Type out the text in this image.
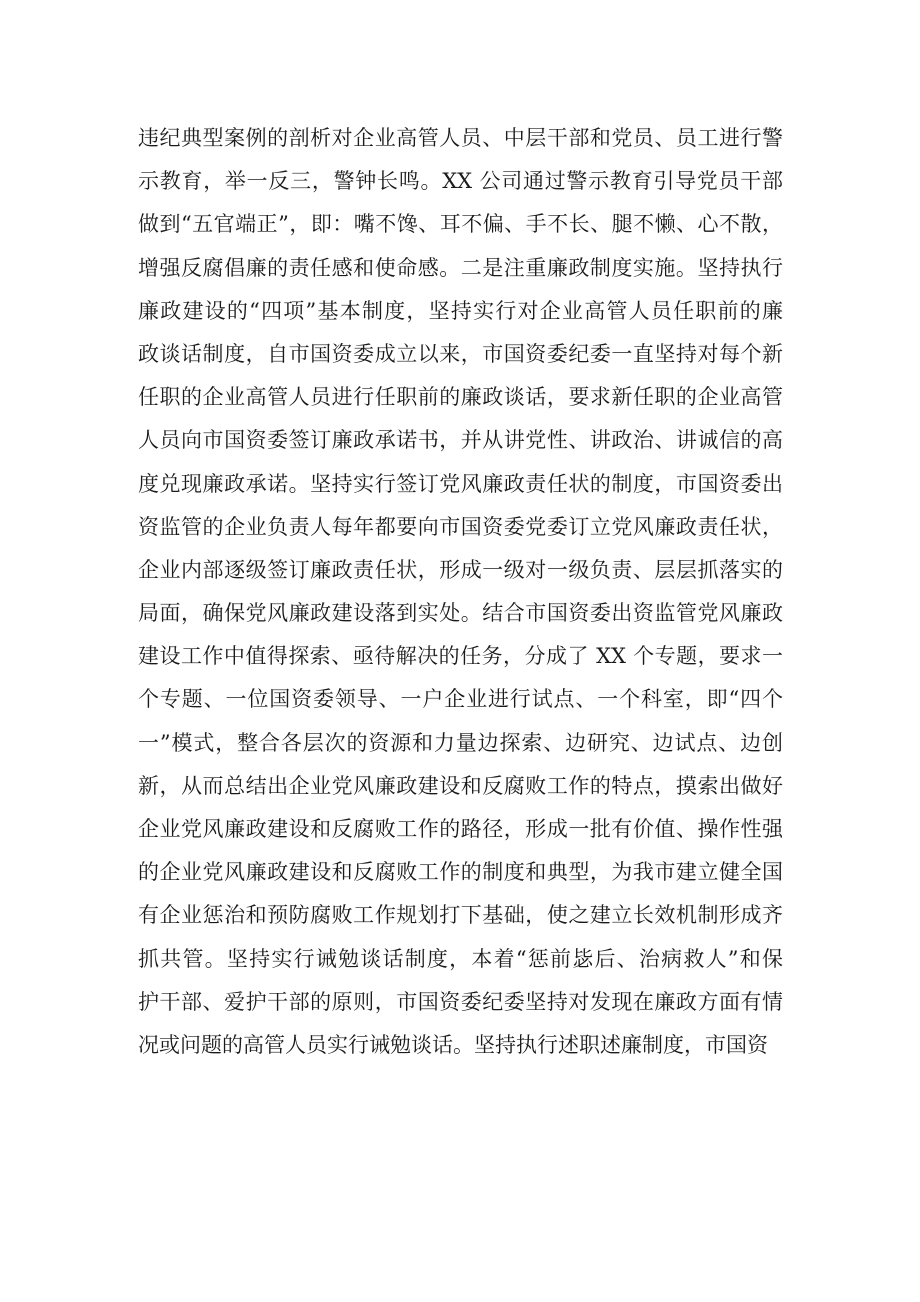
违纪典型案例的剖析对企业高管人员、中层干部和党员、员工进行警
示教育，举一反三，警钟长鸣。XX 公司通过警示教育引导党员干部
做到“五官端正”，即：嘴不馋、耳不偏、手不长、腿不懒、心不散，
增强反腐倡廉的责任感和使命感。二是注重廉政制度实施。坚持执行
廉政建设的“四项”基本制度，坚持实行对企业高管人员任职前的廉
政谈话制度，自市国资委成立以来，市国资委纪委一直坚持对每个新
任职的企业高管人员进行任职前的廉政谈话，要求新任职的企业高管
人员向市国资委签订廉政承诺书，并从讲党性、讲政治、讲诚信的高
度兑现廉政承诺。坚持实行签订党风廉政责任状的制度，市国资委出
资监管的企业负责人每年都要向市国资委党委订立党风廉政责任状，
企业内部逐级签订廉政责任状，形成一级对一级负责、层层抓落实的
局面，确保党风廉政建设落到实处。结合市国资委出资监管党风廉政
建设工作中值得探索、亟待解决的任务，分成了 XX 个专题，要求一
个专题、一位国资委领导、一户企业进行试点、一个科室，即“四个
一”模式，整合各层次的资源和力量边探索、边研究、边试点、边创
新，从而总结出企业党风廉政建设和反腐败工作的特点，摸索出做好
企业党风廉政建设和反腐败工作的路径，形成一批有价值、操作性强
的企业党风廉政建设和反腐败工作的制度和典型，为我市建立健全国
有企业惩治和预防腐败工作规划打下基础，使之建立长效机制形成齐
抓共管。坚持实行诫勉谈话制度，本着“惩前毖后、治病救人”和保
护干部、爱护干部的原则，市国资委纪委坚持对发现在廉政方面有情
况或问题的高管人员实行诫勉谈话。坚持执行述职述廉制度，市国资
